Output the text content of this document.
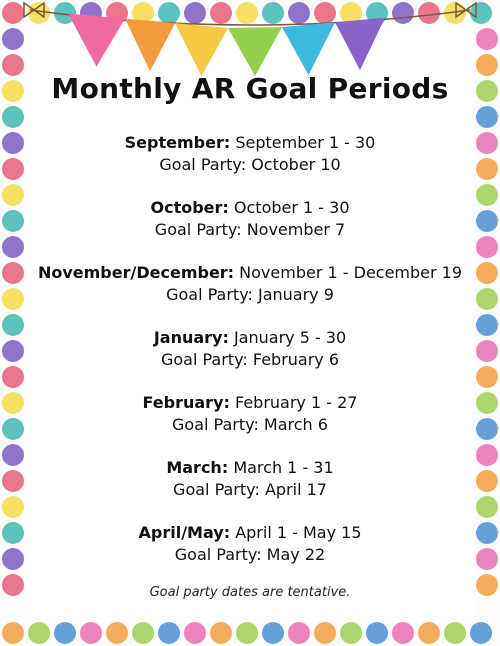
Monthly AR Goal Periods
September: September 1 - 30
Goal Party: October 10
October: October 1 - 30
Goal Party: November 7
November/December: November 1 - December 19
Goal Party: January 9
January: January 5 - 30
Goal Party: February 6
February: February 1 - 27
Goal Party: March 6
March: March 1 - 31
Goal Party: April 17
April/May: April 1 - May 15
Goal Party: May 22
Goal party dates are tentative.
